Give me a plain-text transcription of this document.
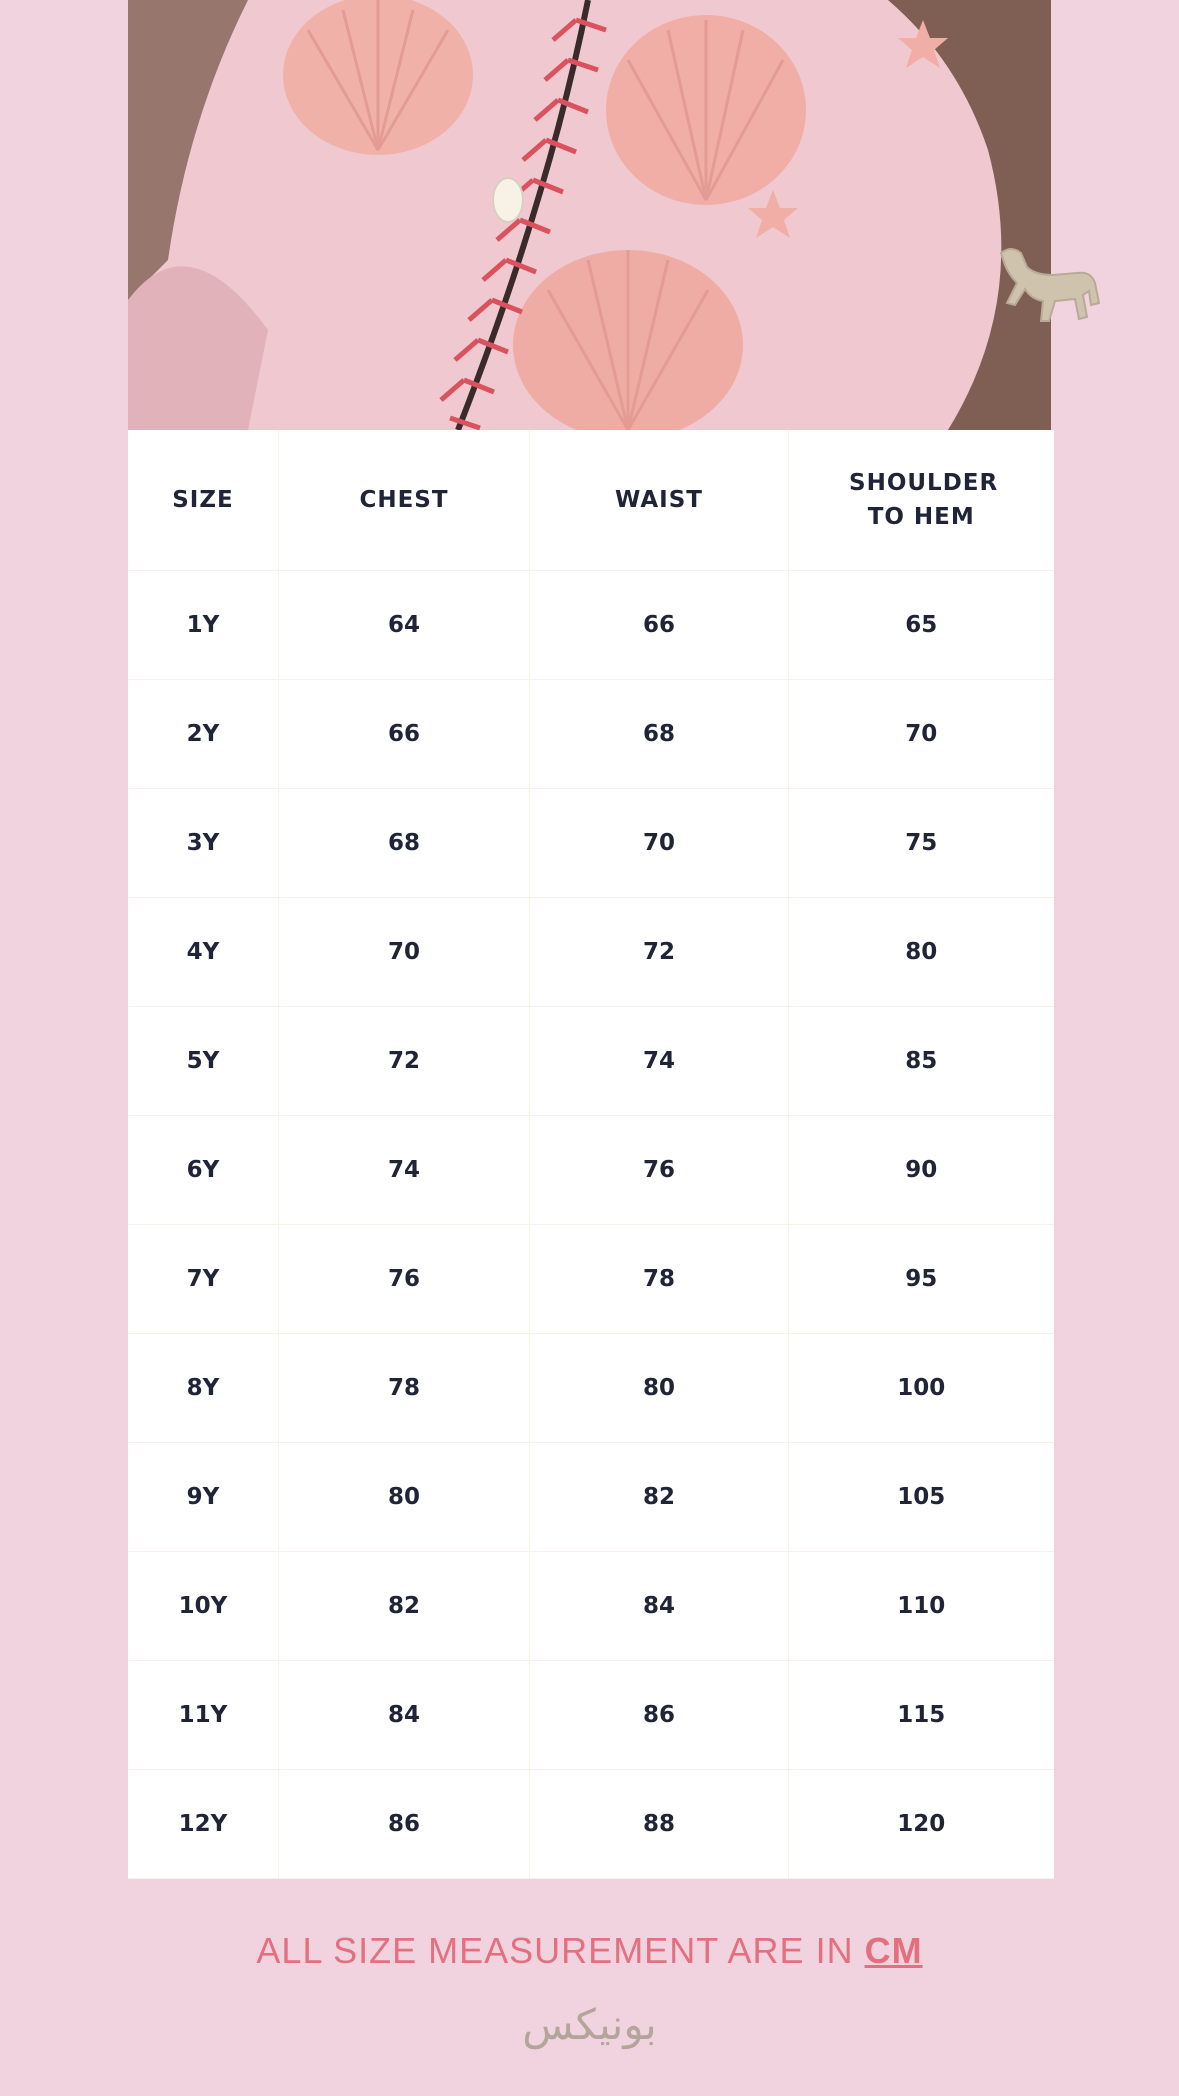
SIZE	CHEST	WAIST	SHOULDER TO HEM
1Y	64	66	65
2Y	66	68	70
3Y	68	70	75
4Y	70	72	80
5Y	72	74	85
6Y	74	76	90
7Y	76	78	95
8Y	78	80	100
9Y	80	82	105
10Y	82	84	110
11Y	84	86	115
12Y	86	88	120
ALL SIZE MEASUREMENT ARE IN CM
بونيكس
